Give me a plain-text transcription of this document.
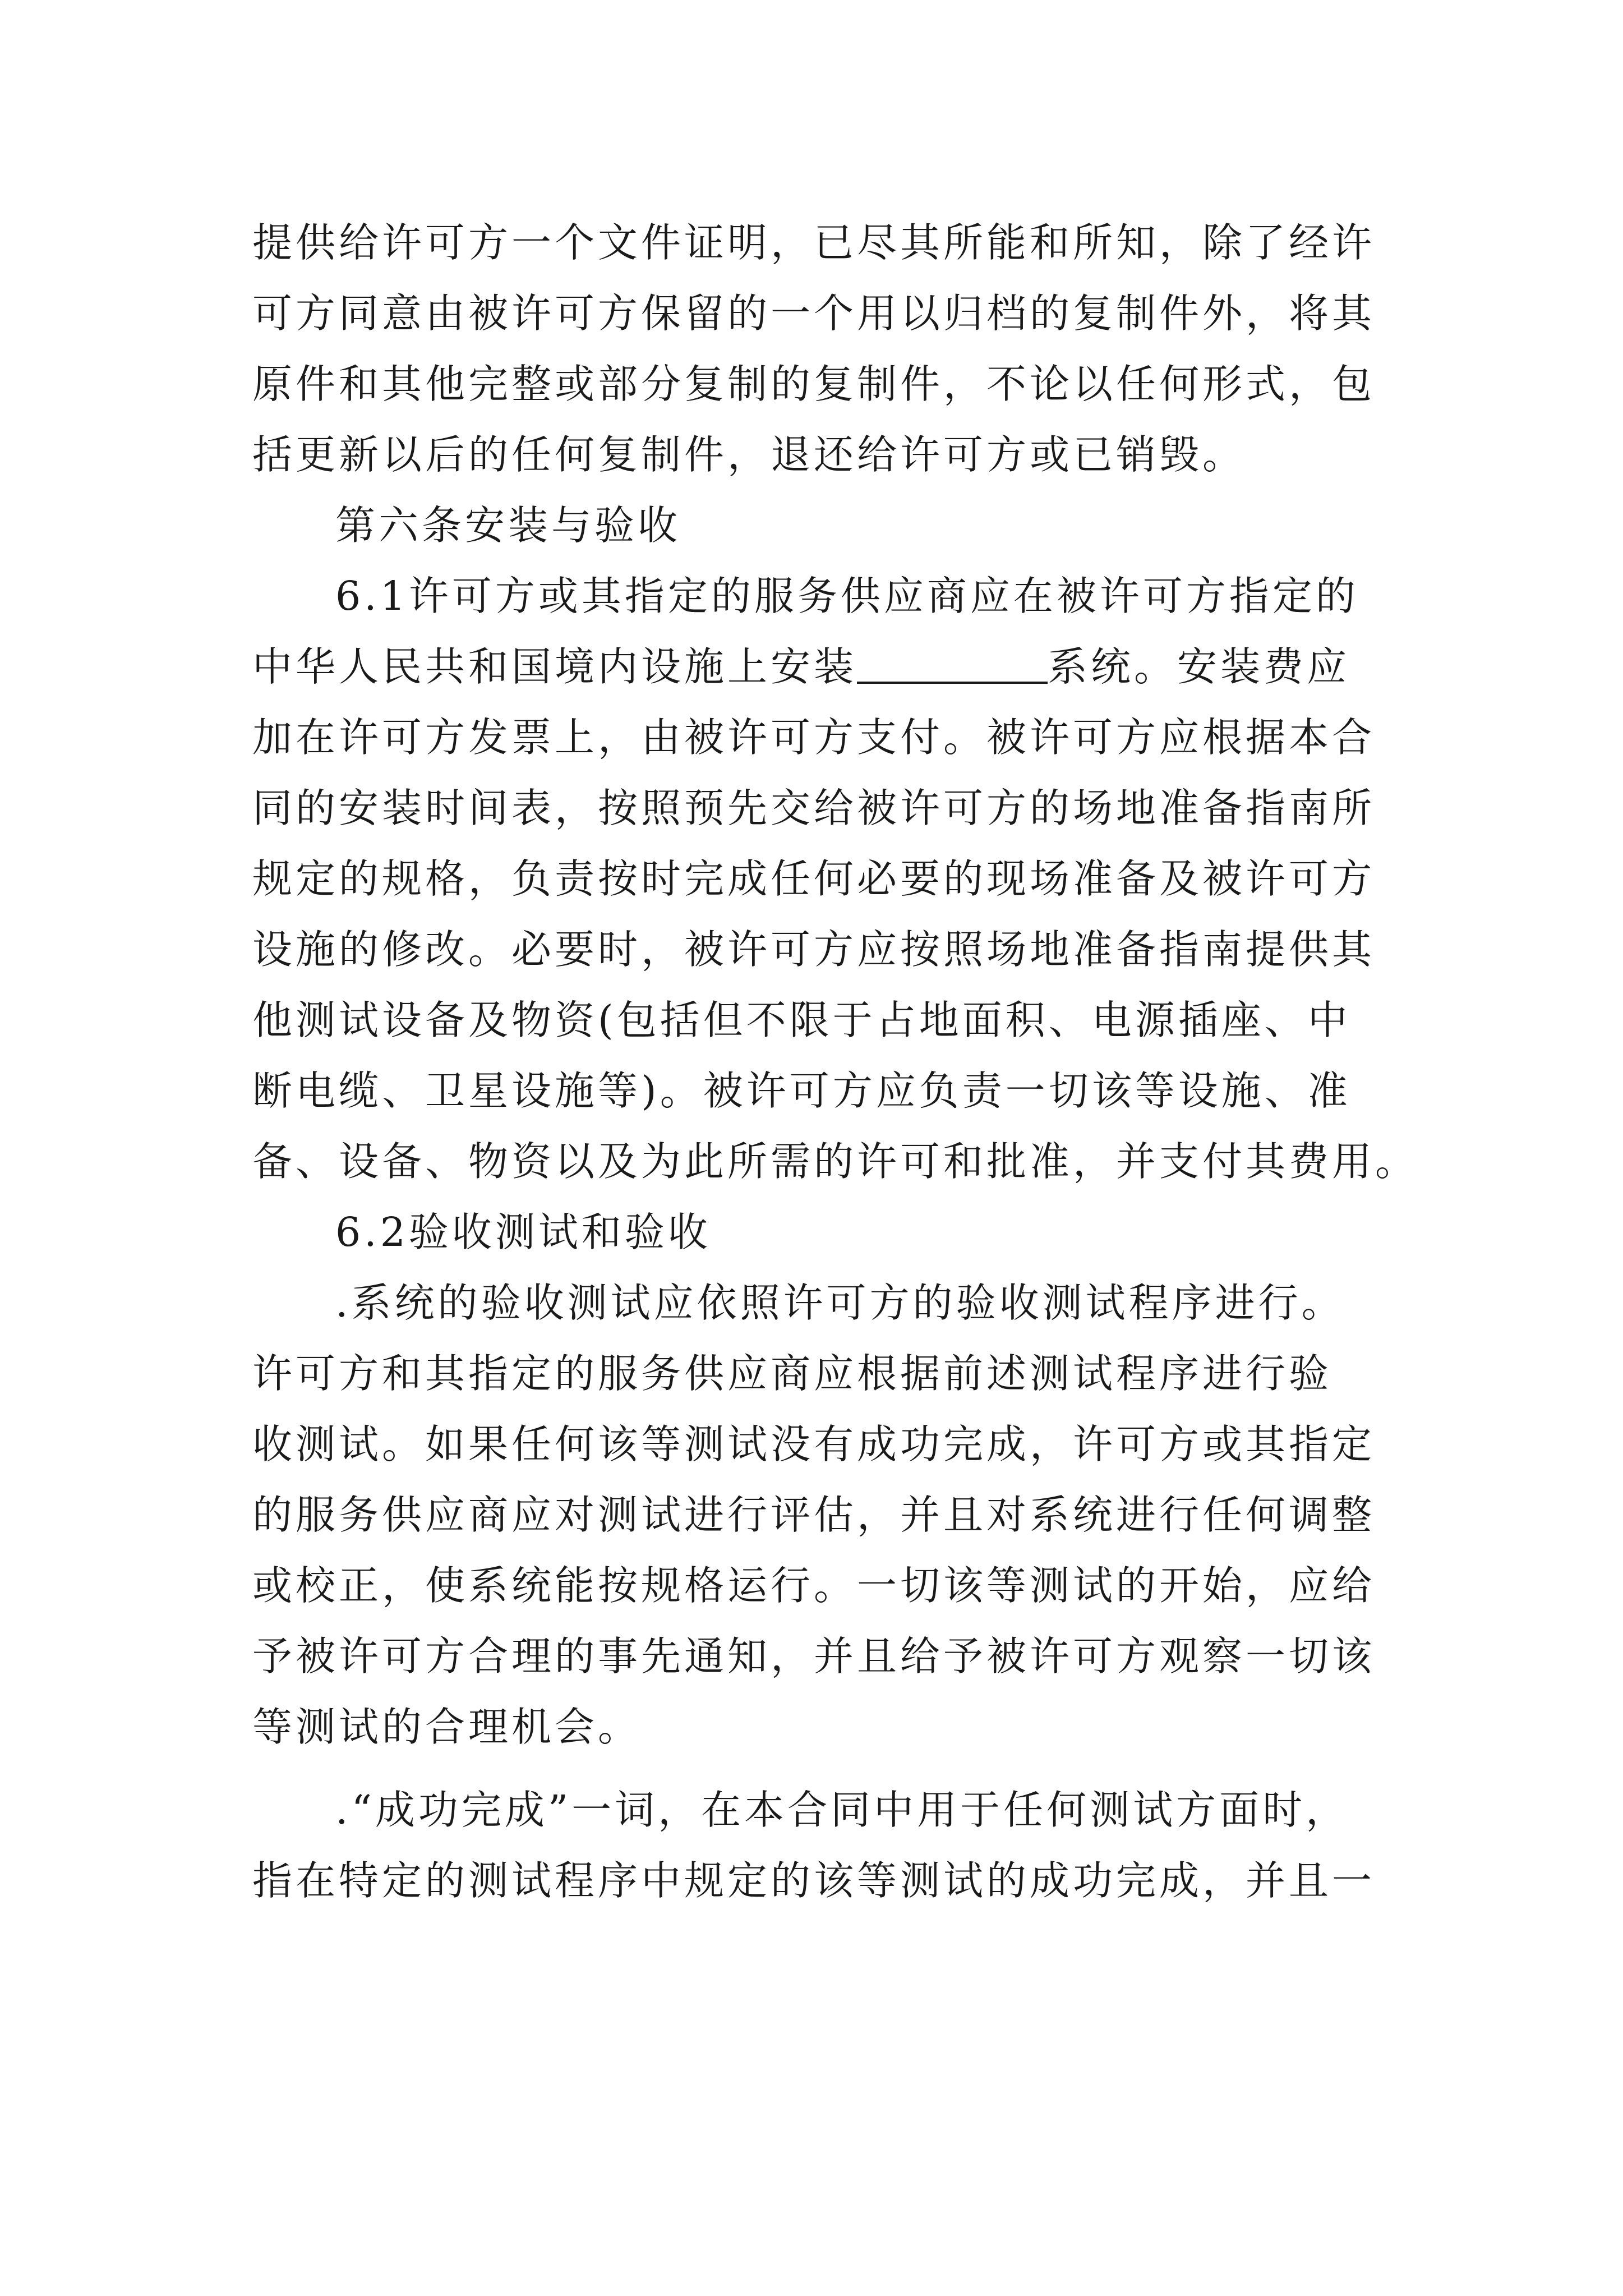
提供给许可方一个文件证明，已尽其所能和所知，除了经许
可方同意由被许可方保留的一个用以归档的复制件外，将其
原件和其他完整或部分复制的复制件，不论以任何形式，包
括更新以后的任何复制件，退还给许可方或已销毁。
第六条安装与验收
6.1许可方或其指定的服务供应商应在被许可方指定的
中华人民共和国境内设施上安装	系统。安装费应
加在许可方发票上，由被许可方支付。被许可方应根据本合
同的安装时间表，按照预先交给被许可方的场地准备指南所
规定的规格，负责按时完成任何必要的现场准备及被许可方
设施的修改。必要时，被许可方应按照场地准备指南提供其
他测试设备及物资(包括但不限于占地面积、电源插座、中
断电缆、卫星设施等)。被许可方应负责一切该等设施、准
备、设备、物资以及为此所需的许可和批准，并支付其费用。
6.2验收测试和验收
.系统的验收测试应依照许可方的验收测试程序进行。
许可方和其指定的服务供应商应根据前述测试程序进行验
收测试。如果任何该等测试没有成功完成，许可方或其指定
的服务供应商应对测试进行评估，并且对系统进行任何调整
或校正，使系统能按规格运行。一切该等测试的开始，应给
予被许可方合理的事先通知，并且给予被许可方观察一切该
等测试的合理机会。
.“成功完成”一词，在本合同中用于任何测试方面时，
指在特定的测试程序中规定的该等测试的成功完成，并且一
